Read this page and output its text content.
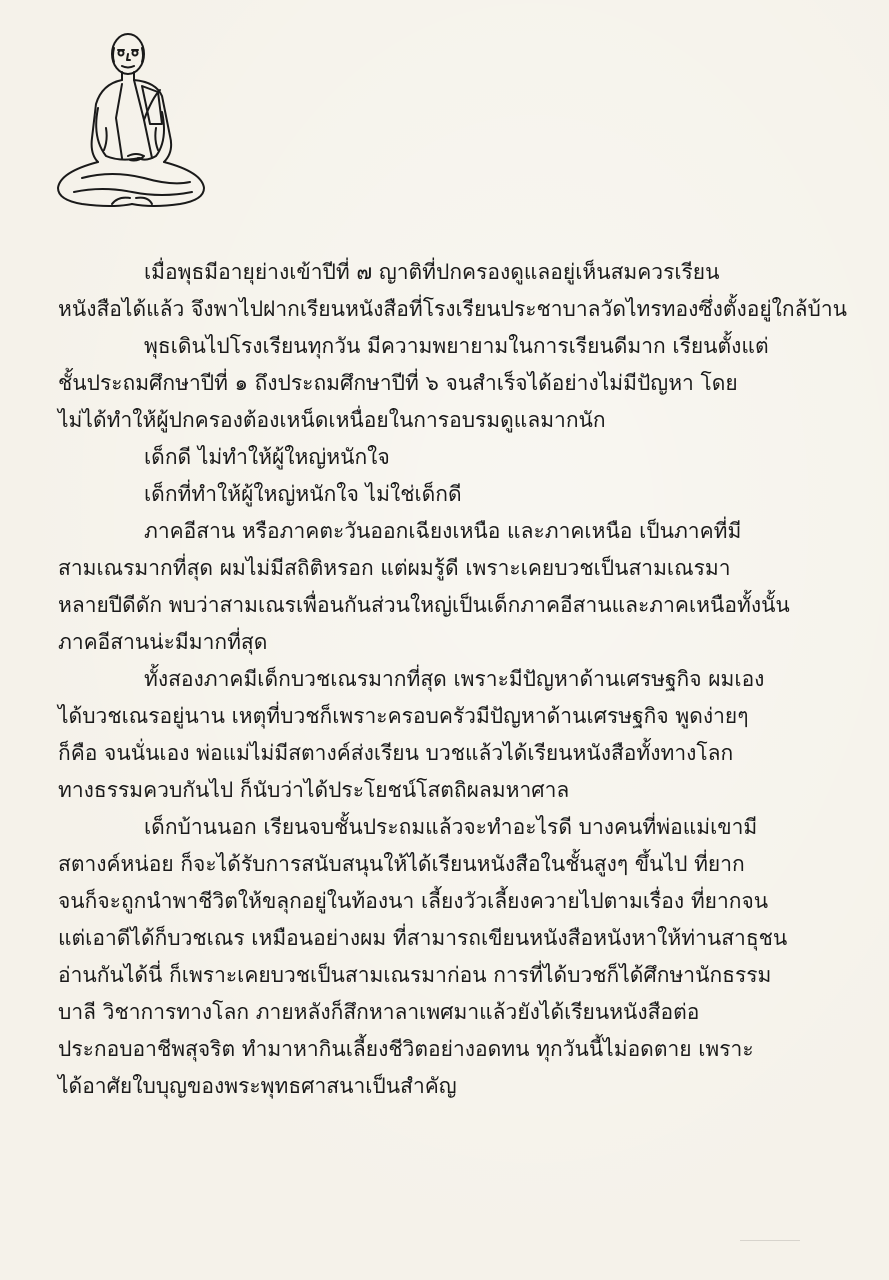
เมื่อพุธมีอายุย่างเข้าปีที่ ๗ ญาติที่ปกครองดูแลอยู่เห็นสมควรเรียน
หนังสือได้แล้ว จึงพาไปฝากเรียนหนังสือที่โรงเรียนประชาบาลวัดไทรทองซึ่งตั้งอยู่ใกล้บ้าน
พุธเดินไปโรงเรียนทุกวัน มีความพยายามในการเรียนดีมาก เรียนตั้งแต่
ชั้นประถมศึกษาปีที่ ๑ ถึงประถมศึกษาปีที่ ๖ จนสำเร็จได้อย่างไม่มีปัญหา โดย
ไม่ได้ทำให้ผู้ปกครองต้องเหน็ดเหนื่อยในการอบรมดูแลมากนัก
เด็กดี ไม่ทำให้ผู้ใหญ่หนักใจ
เด็กที่ทำให้ผู้ใหญ่หนักใจ ไม่ใช่เด็กดี
ภาคอีสาน หรือภาคตะวันออกเฉียงเหนือ และภาคเหนือ เป็นภาคที่มี
สามเณรมากที่สุด ผมไม่มีสถิติหรอก แต่ผมรู้ดี เพราะเคยบวชเป็นสามเณรมา
หลายปีดีดัก พบว่าสามเณรเพื่อนกันส่วนใหญ่เป็นเด็กภาคอีสานและภาคเหนือทั้งนั้น
ภาคอีสานน่ะมีมากที่สุด
ทั้งสองภาคมีเด็กบวชเณรมากที่สุด เพราะมีปัญหาด้านเศรษฐกิจ ผมเอง
ได้บวชเณรอยู่นาน เหตุที่บวชก็เพราะครอบครัวมีปัญหาด้านเศรษฐกิจ พูดง่ายๆ
ก็คือ จนนั่นเอง พ่อแม่ไม่มีสตางค์ส่งเรียน บวชแล้วได้เรียนหนังสือทั้งทางโลก
ทางธรรมควบกันไป ก็นับว่าได้ประโยชน์โสตถิผลมหาศาล
เด็กบ้านนอก เรียนจบชั้นประถมแล้วจะทำอะไรดี บางคนที่พ่อแม่เขามี
สตางค์หน่อย ก็จะได้รับการสนับสนุนให้ได้เรียนหนังสือในชั้นสูงๆ ขึ้นไป ที่ยาก
จนก็จะถูกนำพาชีวิตให้ขลุกอยู่ในท้องนา เลี้ยงวัวเลี้ยงควายไปตามเรื่อง ที่ยากจน
แต่เอาดีได้ก็บวชเณร เหมือนอย่างผม ที่สามารถเขียนหนังสือหนังหาให้ท่านสาธุชน
อ่านกันได้นี่ ก็เพราะเคยบวชเป็นสามเณรมาก่อน การที่ได้บวชก็ได้ศึกษานักธรรม
บาลี วิชาการทางโลก ภายหลังก็สึกหาลาเพศมาแล้วยังได้เรียนหนังสือต่อ
ประกอบอาชีพสุจริต ทำมาหากินเลี้ยงชีวิตอย่างอดทน ทุกวันนี้ไม่อดตาย เพราะ
ได้อาศัยใบบุญของพระพุทธศาสนาเป็นสำคัญ
